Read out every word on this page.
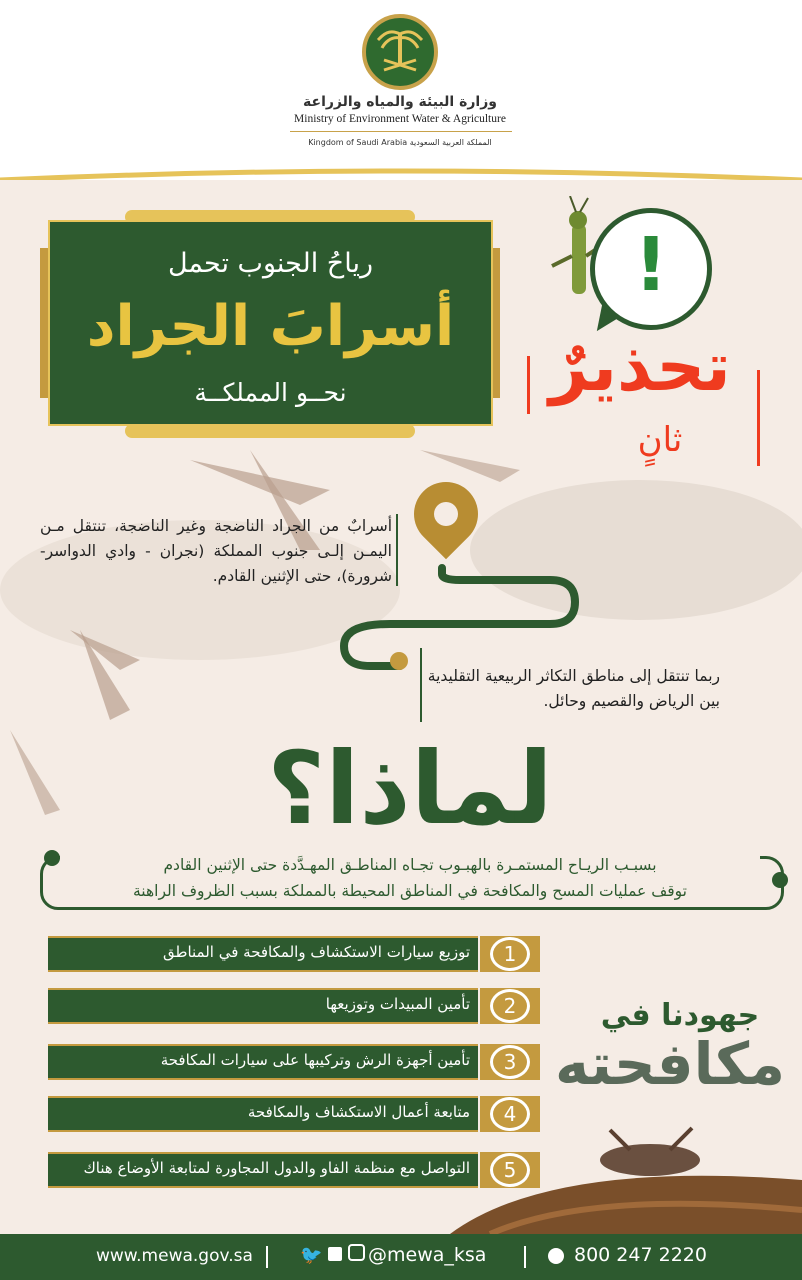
وزارة البيئة والمياه والزراعة
Ministry of Environment Water & Agriculture
Kingdom of Saudi Arabia المملكة العربية السعودية
رياحُ الجنوب تحمل
أسرابَ الجراد
نحــو المملكــة
!
تحذيرٌ
ثانٍ
أسرابٌ من الجراد الناضجة وغير الناضجة، تنتقل مـن اليمـن إلـى جنوب المملكة (نجران - وادي الدواسر- شرورة)، حتى الإثنين القادم.
ربما تنتقل إلى مناطق التكاثر الربيعية التقليدية بين الرياض والقصيم وحائل.
لماذا؟
بسبـب الريـاح المستمـرة بالهبـوب تجـاه المناطـق المهـدَّدة حتى الإثنين القادم
توقف عمليات المسح والمكافحة في المناطق المحيطة بالمملكة بسبب الظروف الراهنة
توزيع سيارات الاستكشاف والمكافحة في المناطق	1
تأمين المبيدات وتوزيعها	2
تأمين أجهزة الرش وتركيبها على سيارات المكافحة	3
متابعة أعمال الاستكشاف والمكافحة	4
التواصل مع منظمة الفاو والدول المجاورة لمتابعة الأوضاع هناك	5
جهودنا في
مكافحته
www.mewa.gov.sa	🐦	@mewa_ksa	800 247 2220
